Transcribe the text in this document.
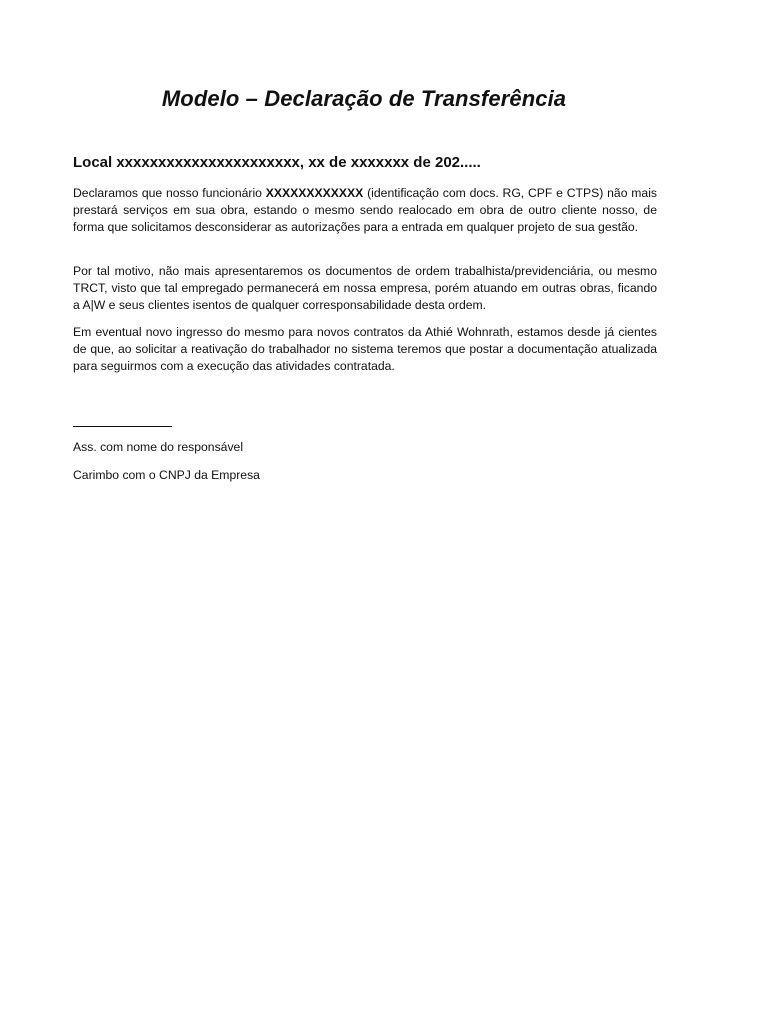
Modelo – Declaração de Transferência

Local xxxxxxxxxxxxxxxxxxxxxx, xx de xxxxxxx de 202.....

Declaramos que nosso funcionário XXXXXXXXXXXX (identificação com docs. RG, CPF e CTPS) não mais prestará serviços em sua obra, estando o mesmo sendo realocado em obra de outro cliente nosso, de forma que solicitamos desconsiderar as autorizações para a entrada em qualquer projeto de sua gestão.

Por tal motivo, não mais apresentaremos os documentos de ordem trabalhista/previdenciária, ou mesmo TRCT, visto que tal empregado permanecerá em nossa empresa, porém atuando em outras obras, ficando a A|W e seus clientes isentos de qualquer corresponsabilidade desta ordem.

Em eventual novo ingresso do mesmo para novos contratos da Athié Wohnrath, estamos desde já cientes de que, ao solicitar a reativação do trabalhador no sistema teremos que postar a documentação atualizada para seguirmos com a execução das atividades contratada.

Ass. com nome do responsável

Carimbo com o CNPJ da Empresa
